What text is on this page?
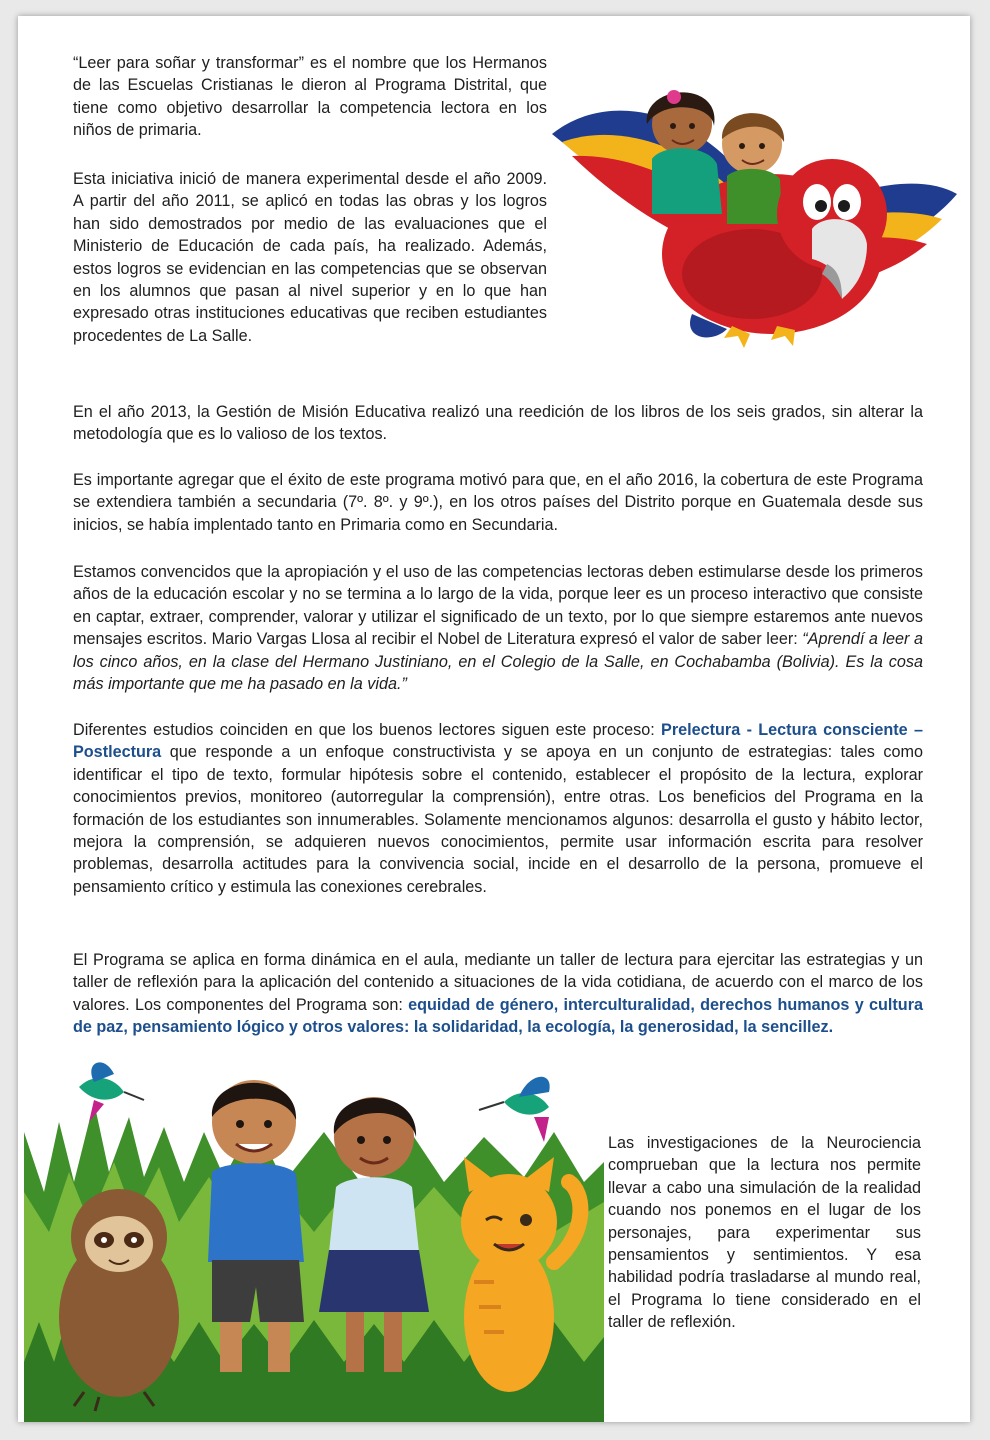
“Leer para soñar y transformar” es el nombre que los Hermanos de las Escuelas Cristianas le dieron al Programa Distrital, que tiene como objetivo desarrollar la competencia lectora en los niños de primaria.

Esta iniciativa inició de manera experimental desde el año 2009. A partir del año 2011, se aplicó en todas las obras y los logros han sido demostrados por medio de las evaluaciones que el Ministerio de Educación de cada país, ha realizado. Además, estos logros se evidencian en las competencias que se observan en los alumnos que pasan al nivel superior y en lo que han expresado otras instituciones educativas que reciben estudiantes procedentes de La Salle.

En el año 2013, la Gestión de Misión Educativa realizó una reedición de los libros de los seis grados, sin alterar la metodología que es lo valioso de los textos.

Es importante agregar que el éxito de este programa motivó para que, en el año 2016, la cobertura de este Programa se extendiera también a secundaria (7º. 8º. y 9º.), en los otros países del Distrito porque en Guatemala desde sus inicios, se había implentado tanto en Primaria como en Secundaria.

Estamos convencidos que la apropiación y el uso de las competencias lectoras deben estimularse desde los primeros años de la educación escolar y no se termina a lo largo de la vida, porque leer es un proceso interactivo que consiste en captar, extraer, comprender, valorar y utilizar el significado de un texto, por lo que siempre estaremos ante nuevos mensajes escritos. Mario Vargas Llosa al recibir el Nobel de Literatura expresó el valor de saber leer: “Aprendí a leer a los cinco años, en la clase del Hermano Justiniano, en el Colegio de la Salle, en Cochabamba (Bolivia). Es la cosa más importante que me ha pasado en la vida.”

Diferentes estudios coinciden en que los buenos lectores siguen este proceso: Prelectura - Lectura consciente – Postlectura que responde a un enfoque constructivista y se apoya en un conjunto de estrategias: tales como identificar el tipo de texto, formular hipótesis sobre el contenido, establecer el propósito de la lectura, explorar conocimientos previos, monitoreo (autorregular la comprensión), entre otras. Los beneficios del Programa en la formación de los estudiantes son innumerables. Solamente mencionamos algunos: desarrolla el gusto y hábito lector, mejora la comprensión, se adquieren nuevos conocimientos, permite usar información escrita para resolver problemas, desarrolla actitudes para la convivencia social, incide en el desarrollo de la persona, promueve el pensamiento crítico y estimula las conexiones cerebrales.

El Programa se aplica en forma dinámica en el aula, mediante un taller de lectura para ejercitar las estrategias y un taller de reflexión para la aplicación del contenido a situaciones de la vida cotidiana, de acuerdo con el marco de los valores. Los componentes del Programa son: equidad de género, interculturalidad, derechos humanos y cultura de paz, pensamiento lógico y otros valores: la solidaridad, la ecología, la generosidad, la sencillez.

Las investigaciones de la Neurociencia comprueban que la lectura nos permite llevar a cabo una simulación de la realidad cuando nos ponemos en el lugar de los personajes, para experimentar sus pensamientos y sentimientos. Y esa habilidad podría trasladarse al mundo real, el Programa lo tiene considerado en el taller de reflexión.
